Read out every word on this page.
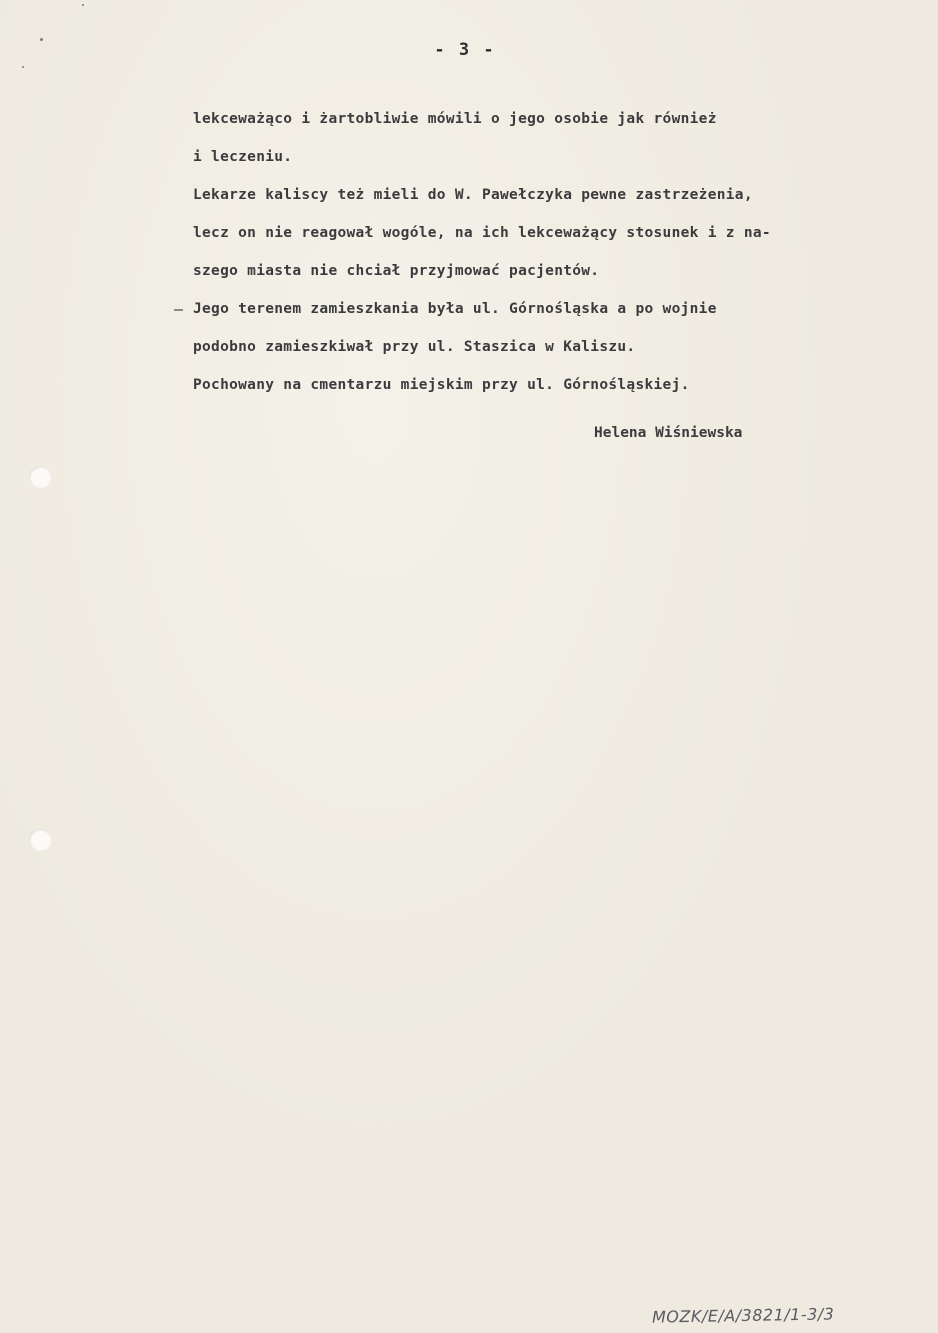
- 3 -
lekceważąco i żartobliwie mówili o jego osobie jak również
i leczeniu.
Lekarze kaliscy też mieli do W. Pawełczyka pewne zastrzeżenia,
lecz on nie reagował wogóle, na ich lekceważący stosunek i z na-
szego miasta nie chciał przyjmować pacjentów.
Jego terenem zamieszkania była ul. Górnośląska a po wojnie
podobno zamieszkiwał przy ul. Staszica w Kaliszu.
Pochowany na cmentarzu miejskim przy ul. Górnośląskiej.
Helena Wiśniewska
MOZK/E/A/3821/1-3/3
